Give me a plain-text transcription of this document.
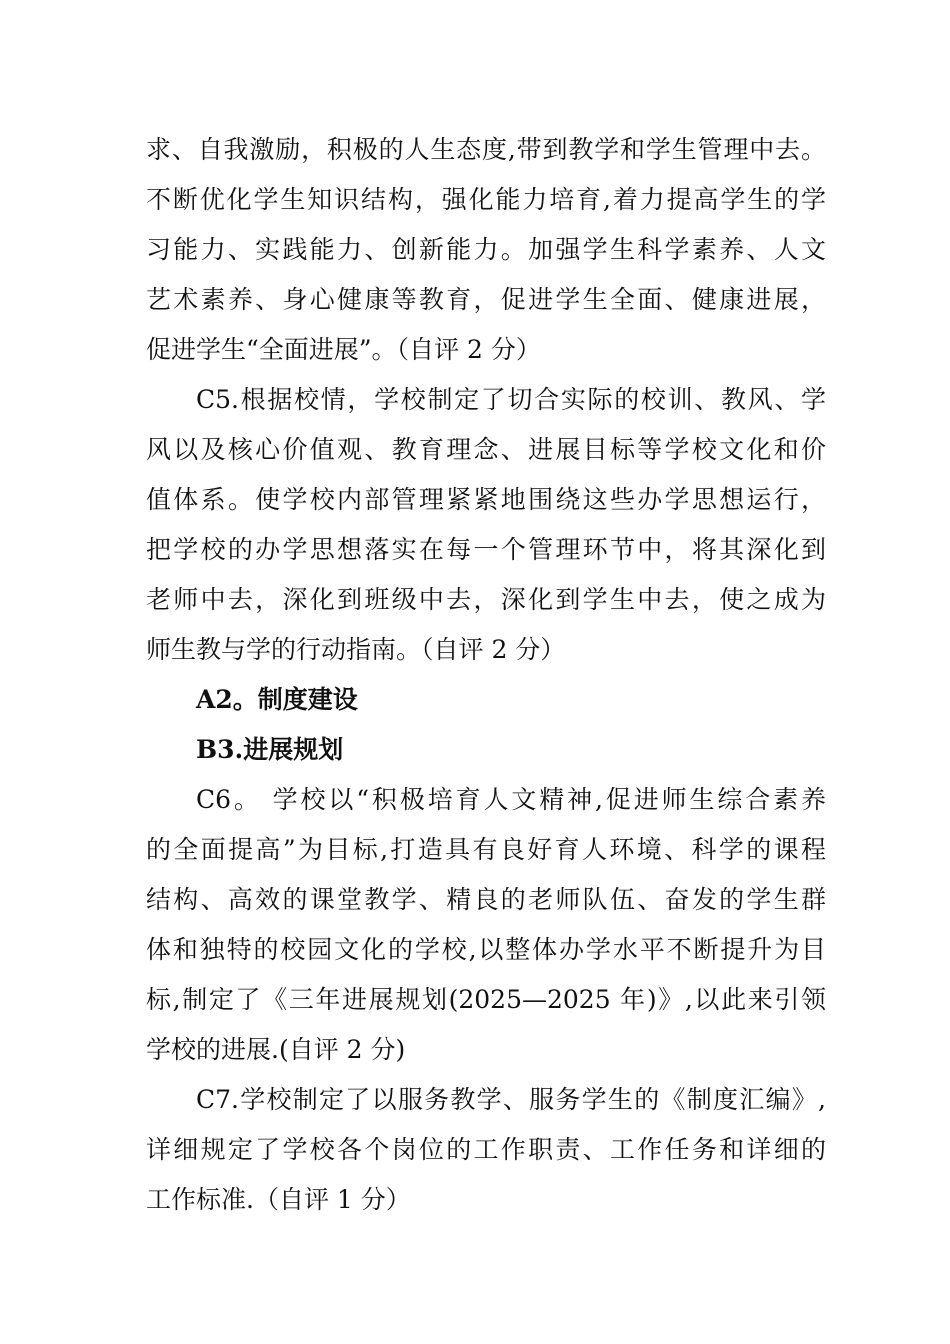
求、自我激励，积极的人生态度,带到教学和学生管理中去。
不断优化学生知识结构，强化能力培育,着力提高学生的学
习能力、实践能力、创新能力。加强学生科学素养、人文
艺术素养、身心健康等教育，促进学生全面、健康进展，
促进学生“全面进展”。（自评 2 分）
C5.根据校情，学校制定了切合实际的校训、教风、学
风以及核心价值观、教育理念、进展目标等学校文化和价
值体系。使学校内部管理紧紧地围绕这些办学思想运行，
把学校的办学思想落实在每一个管理环节中，将其深化到
老师中去，深化到班级中去，深化到学生中去，使之成为
师生教与学的行动指南。（自评 2 分）
A2。制度建设
B3.进展规划
C6。 学校以“积极培育人文精神,促进师生综合素养
的全面提高”为目标,打造具有良好育人环境、科学的课程
结构、高效的课堂教学、精良的老师队伍、奋发的学生群
体和独特的校园文化的学校,以整体办学水平不断提升为目
标,制定了《三年进展规划(2025—2025 年)》,以此来引领
学校的进展.(自评 2 分)
C7.学校制定了以服务教学、服务学生的《制度汇编》,
详细规定了学校各个岗位的工作职责、工作任务和详细的
工作标准.（自评 1 分）
